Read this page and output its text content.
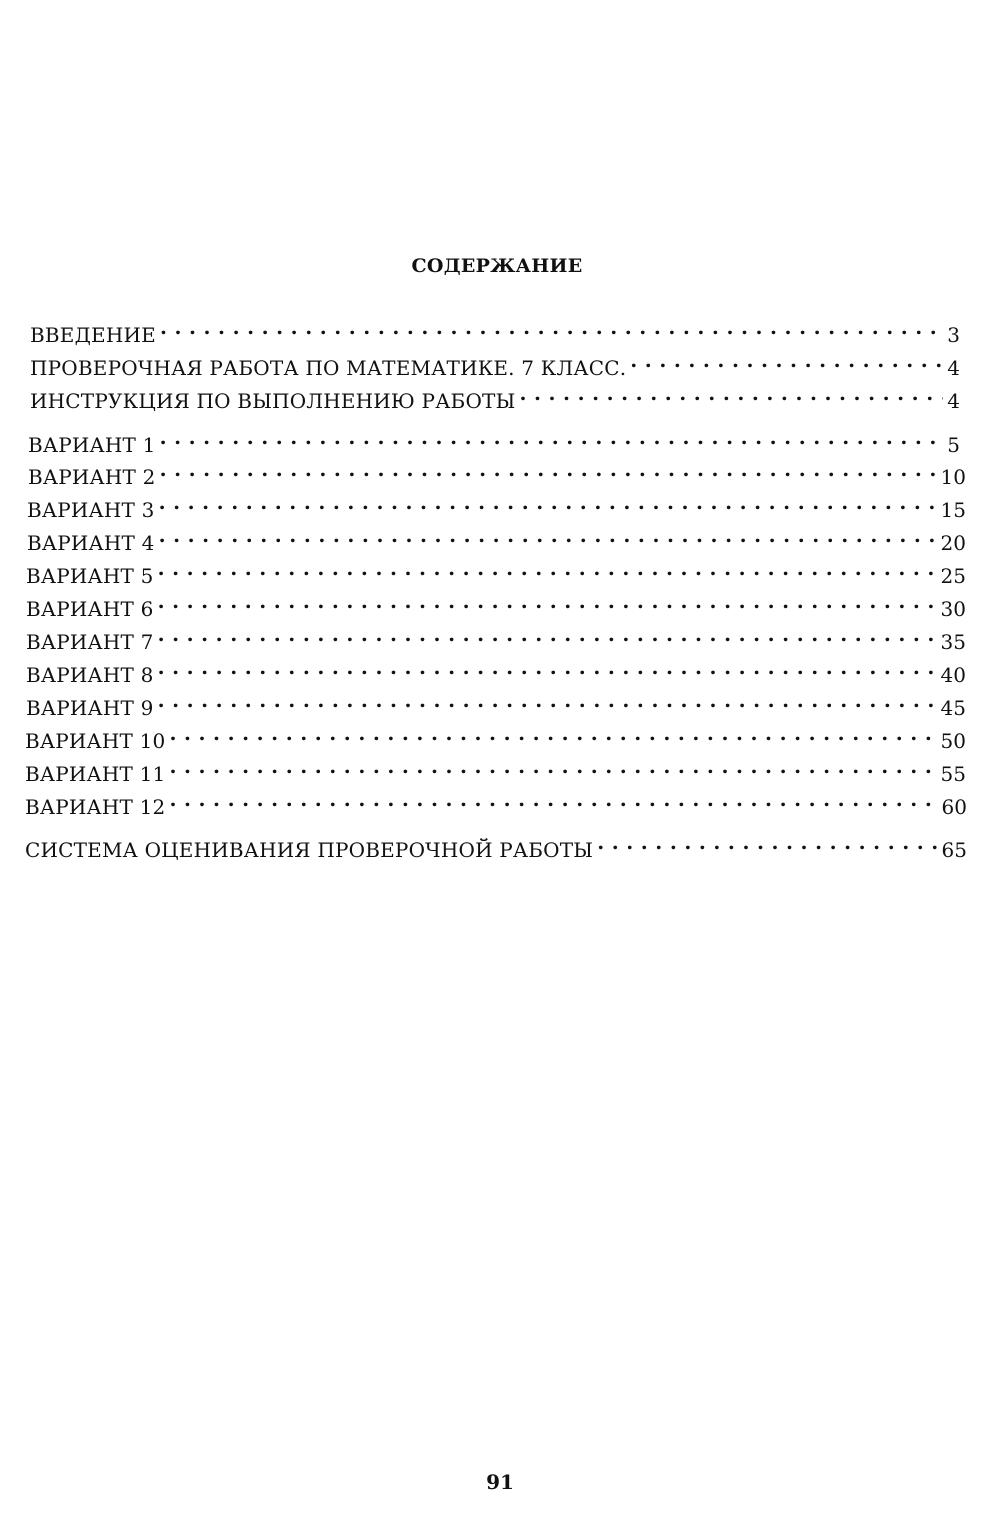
СОДЕРЖАНИЕ
ВВЕДЕНИЕ . . .	3
ПРОВЕРОЧНАЯ РАБОТА ПО МАТЕМАТИКЕ. 7 КЛАСС. . . .	4
ИНСТРУКЦИЯ ПО ВЫПОЛНЕНИЮ РАБОТЫ . . .	4
ВАРИАНТ 1 . . .	5
ВАРИАНТ 2 . . .	10
ВАРИАНТ 3 . . .	15
ВАРИАНТ 4 . . .	20
ВАРИАНТ 5 . . .	25
ВАРИАНТ 6 . . .	30
ВАРИАНТ 7 . . .	35
ВАРИАНТ 8 . . .	40
ВАРИАНТ 9 . . .	45
ВАРИАНТ 10 . . .	50
ВАРИАНТ 11 . . .	55
ВАРИАНТ 12 . . .	60
СИСТЕМА ОЦЕНИВАНИЯ ПРОВЕРОЧНОЙ РАБОТЫ . . .	65
91
